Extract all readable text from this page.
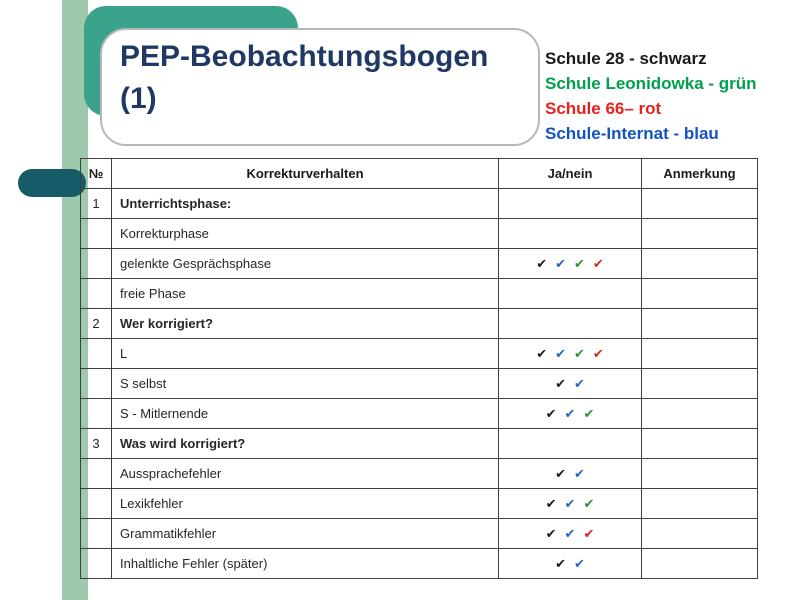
PEP-Beobachtungsbogen (1)
Schule 28 - schwarz
Schule Leonidowka - grün
Schule 66– rot
Schule-Internat - blau
№	Korrekturverhalten	Ja/nein	Anmerkung
1	Unterrichtsphase:		
	Korrekturphase		
	gelenkte Gesprächsphase	✔ ✔ ✔ ✔	
	freie Phase		
2	Wer korrigiert?		
	L	✔ ✔ ✔ ✔	
	S selbst	✔ ✔	
	S - Mitlernende	✔ ✔ ✔	
3	Was wird korrigiert?		
	Aussprachefehler	✔ ✔	
	Lexikfehler	✔ ✔ ✔	
	Grammatikfehler	✔ ✔ ✔	
	Inhaltliche Fehler (später)	✔ ✔	
